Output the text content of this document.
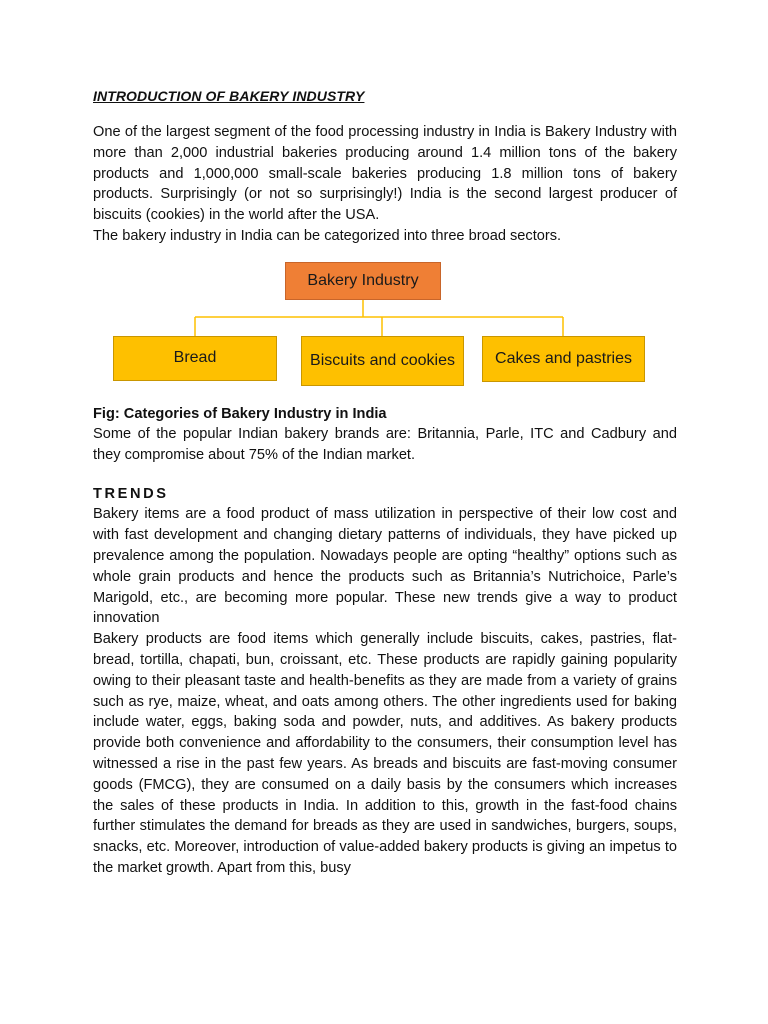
INTRODUCTION OF BAKERY INDUSTRY

One of the largest segment of the food processing industry in India is Bakery Industry with more than 2,000 industrial bakeries producing around 1.4 million tons of the bakery products and 1,000,000 small-scale bakeries producing 1.8 million tons of bakery products. Surprisingly (or not so surprisingly!) India is the second largest producer of biscuits (cookies) in the world after the USA.

The bakery industry in India can be categorized into three broad sectors.

Bakery Industry
Bread	Biscuits and cookies	Cakes and pastries
Fig: Categories of Bakery Industry in India

Some of the popular Indian bakery brands are: Britannia, Parle, ITC and Cadbury and they compromise about 75% of the Indian market.

TRENDS

Bakery items are a food product of mass utilization in perspective of their low cost and with fast development and changing dietary patterns of individuals, they have picked up prevalence among the population. Nowadays people are opting “healthy” options such as whole grain products and hence the products such as Britannia’s Nutrichoice, Parle’s Marigold, etc., are becoming more popular. These new trends give a way to product innovation

Bakery products are food items which generally include biscuits, cakes, pastries, flat-bread, tortilla, chapati, bun, croissant, etc. These products are rapidly gaining popularity owing to their pleasant taste and health-benefits as they are made from a variety of grains such as rye, maize, wheat, and oats among others. The other ingredients used for baking include water, eggs, baking soda and powder, nuts, and additives. As bakery products provide both convenience and affordability to the consumers, their consumption level has witnessed a rise in the past few years. As breads and biscuits are fast-moving consumer goods (FMCG), they are consumed on a daily basis by the consumers which increases the sales of these products in India. In addition to this, growth in the fast-food chains further stimulates the demand for breads as they are used in sandwiches, burgers, soups, snacks, etc. Moreover, introduction of value-added bakery products is giving an impetus to the market growth. Apart from this, busy
